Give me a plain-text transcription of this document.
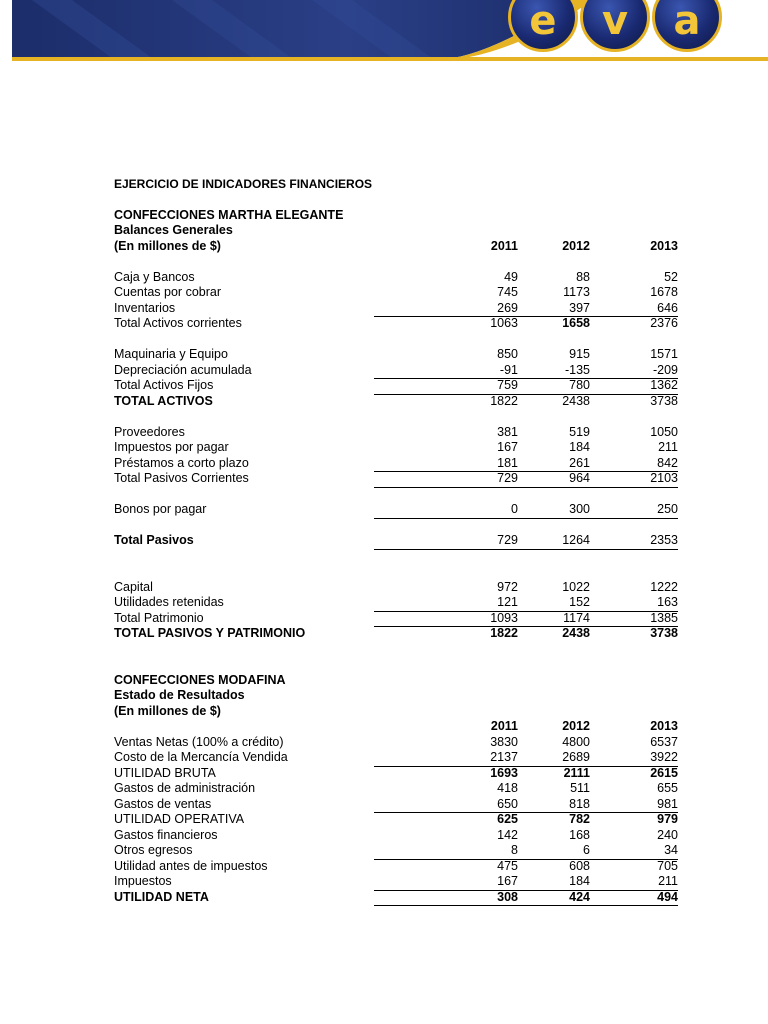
e v a
EJERCICIO DE INDICADORES FINANCIEROS
CONFECCIONES MARTHA ELEGANTE
Balances Generales
(En millones de $)	2011	2012	2013
Caja y Bancos	49	88	52
Cuentas por cobrar	745	1173	1678
Inventarios	269	397	646
Total Activos corrientes	1063	1658	2376
Maquinaria y Equipo	850	915	1571
Depreciación acumulada	-91	-135	-209
Total Activos Fijos	759	780	1362
TOTAL ACTIVOS	1822	2438	3738
Proveedores	381	519	1050
Impuestos por pagar	167	184	211
Préstamos a corto plazo	181	261	842
Total Pasivos Corrientes	729	964	2103
Bonos por pagar	0	300	250
Total Pasivos	729	1264	2353
Capital	972	1022	1222
Utilidades retenidas	121	152	163
Total Patrimonio	1093	1174	1385
TOTAL PASIVOS Y PATRIMONIO	1822	2438	3738
CONFECCIONES MODAFINA
Estado de Resultados
(En millones de $)
2011	2012	2013
Ventas Netas (100% a crédito)	3830	4800	6537
Costo de la Mercancía Vendida	2137	2689	3922
UTILIDAD BRUTA	1693	2111	2615
Gastos de administración	418	511	655
Gastos de ventas	650	818	981
UTILIDAD OPERATIVA	625	782	979
Gastos financieros	142	168	240
Otros egresos	8	6	34
Utilidad antes de impuestos	475	608	705
Impuestos	167	184	211
UTILIDAD NETA	308	424	494
